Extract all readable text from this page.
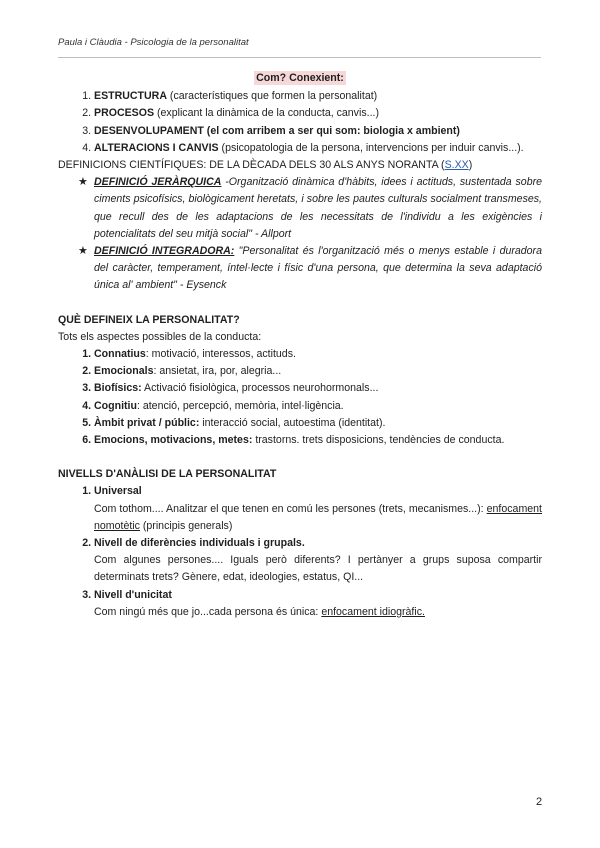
Paula i Clàudia - Psicologia de la personalitat
Com? Conexient:
1. ESTRUCTURA (característiques que formen la personalitat)
2. PROCESOS (explicant la dinàmica de la conducta, canvis...)
3. DESENVOLUPAMENT (el com arribem a ser qui som: biologia x ambient)
4. ALTERACIONS I CANVIS (psicopatologia de la persona, intervencions per induir canvis...).
DEFINICIONS CIENTÍFIQUES: DE LA DÈCADA DELS 30 ALS ANYS NORANTA (S.XX)
★ DEFINICIÓ JERÀRQUICA -Organització dinàmica d'hàbits, idees i actituds, sustentada sobre ciments psicofísics, biològicament heretats, i sobre les pautes culturals socialment transmeses, que recull des de les adaptacions de les necessitats de l'individu a les exigències i potencialitats del seu mitjà social" - Allport
★ DEFINICIÓ INTEGRADORA: "Personalitat és l'organització més o menys estable i duradora del caràcter, temperament, íntel·lecte i físic d'una persona, que determina la seva adaptació única al' ambient" - Eysenck
QUÈ DEFINEIX LA PERSONALITAT?
Tots els aspectes possibles de la conducta:
1. Connatius: motivació, interessos, actituds.
2. Emocionals: ansietat, ira, por, alegria...
3. Biofísics: Activació fisiològica, processos neurohormonals...
4. Cognitiu: atenció, percepció, memòria, intel·ligència.
5. Àmbit privat / públic: interacció social, autoestima (identitat).
6. Emocions, motivacions, metes: trastorns. trets disposicions, tendències de conducta.
NIVELLS D'ANÀLISI DE LA PERSONALITAT
1. Universal
Com tothom.... Analitzar el que tenen en comú les persones (trets, mecanismes...): enfocament nomotètic (principis generals)
2. Nivell de diferències individuals i grupals.
Com algunes persones.... Iguals però diferents? I pertànyer a grups suposa compartir determinats trets? Gènere, edat, ideologies, estatus, QI...
3. Nivell d'unicitat
Com ningú més que jo...cada persona és única: enfocament idiogràfic.
2
